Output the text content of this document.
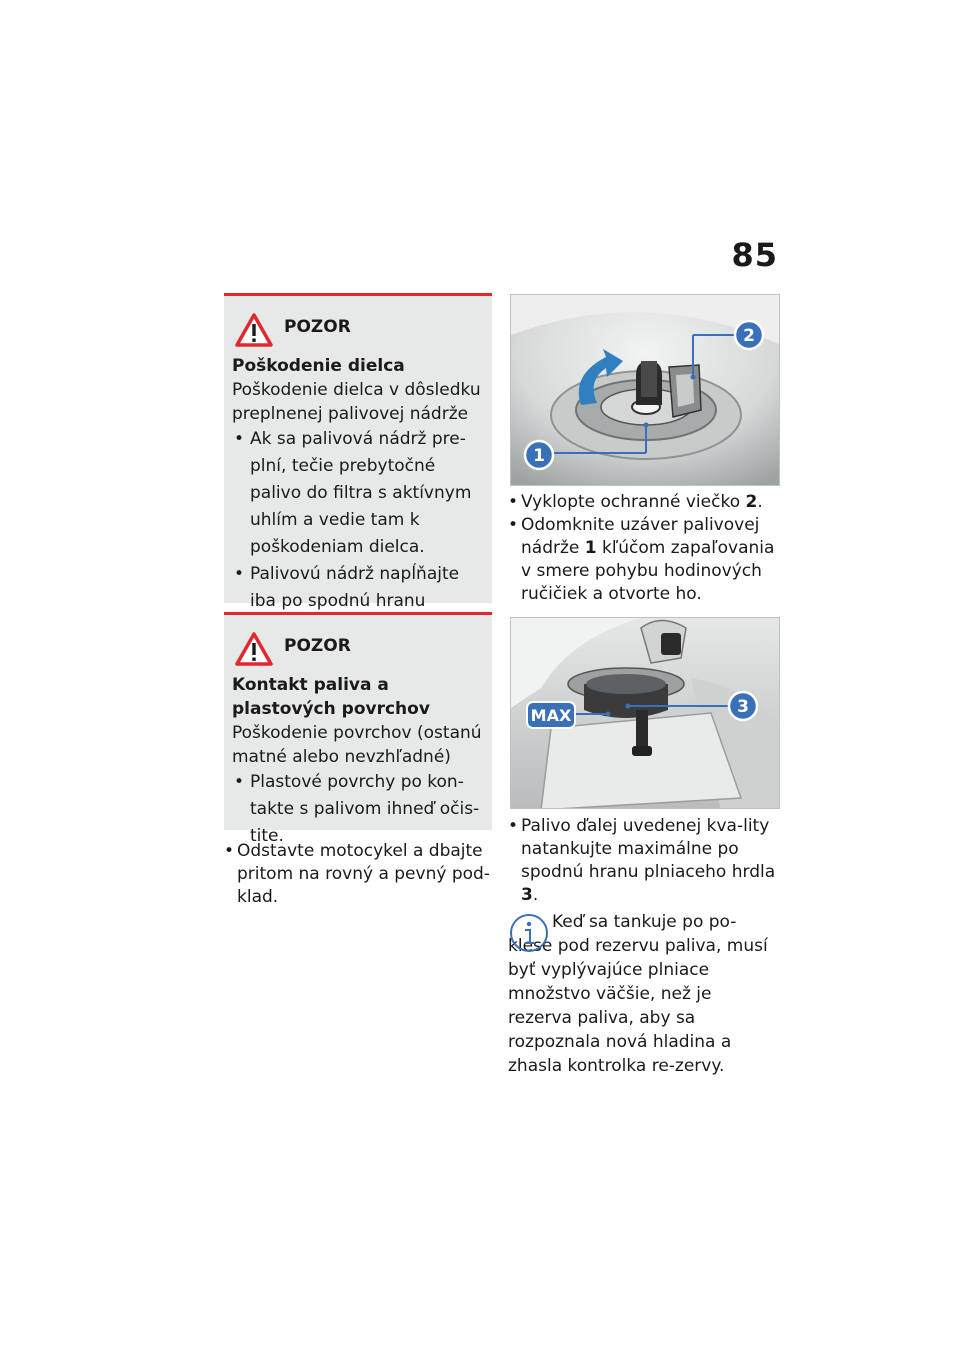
85
POZOR
Poškodenie dielca
Poškodenie dielca v dôsledku preplnenej palivovej nádrže
• Ak sa palivová nádrž pre-plní, tečie prebytočné palivo do filtra s aktívnym uhlím a vedie tam k poškodeniam dielca.
• Palivovú nádrž napĺňajte iba po spodnú hranu
POZOR
Kontakt paliva a plastových povrchov
Poškodenie povrchov (ostanú matné alebo nevzhľadné)
• Plastové povrchy po kon-takte s palivom ihneď očis-tite.
• Odstavte motocykel a dbajte pritom na rovný a pevný pod-klad.
1
2
• Vyklopte ochranné viečko 2.
• Odomknite uzáver palivovej nádrže 1 kľúčom zapaľovania v smere pohybu hodinových ručičiek a otvorte ho.
MAX	3
• Palivo ďalej uvedenej kva-lity natankujte maximálne po spodnú hranu plniaceho hrdla 3.

Keď sa tankuje po po-klese pod rezervu paliva, musí byť vyplývajúce plniace množstvo väčšie, než je rezerva paliva, aby sa rozpoznala nová hladina a zhasla kontrolka re-zervy.
